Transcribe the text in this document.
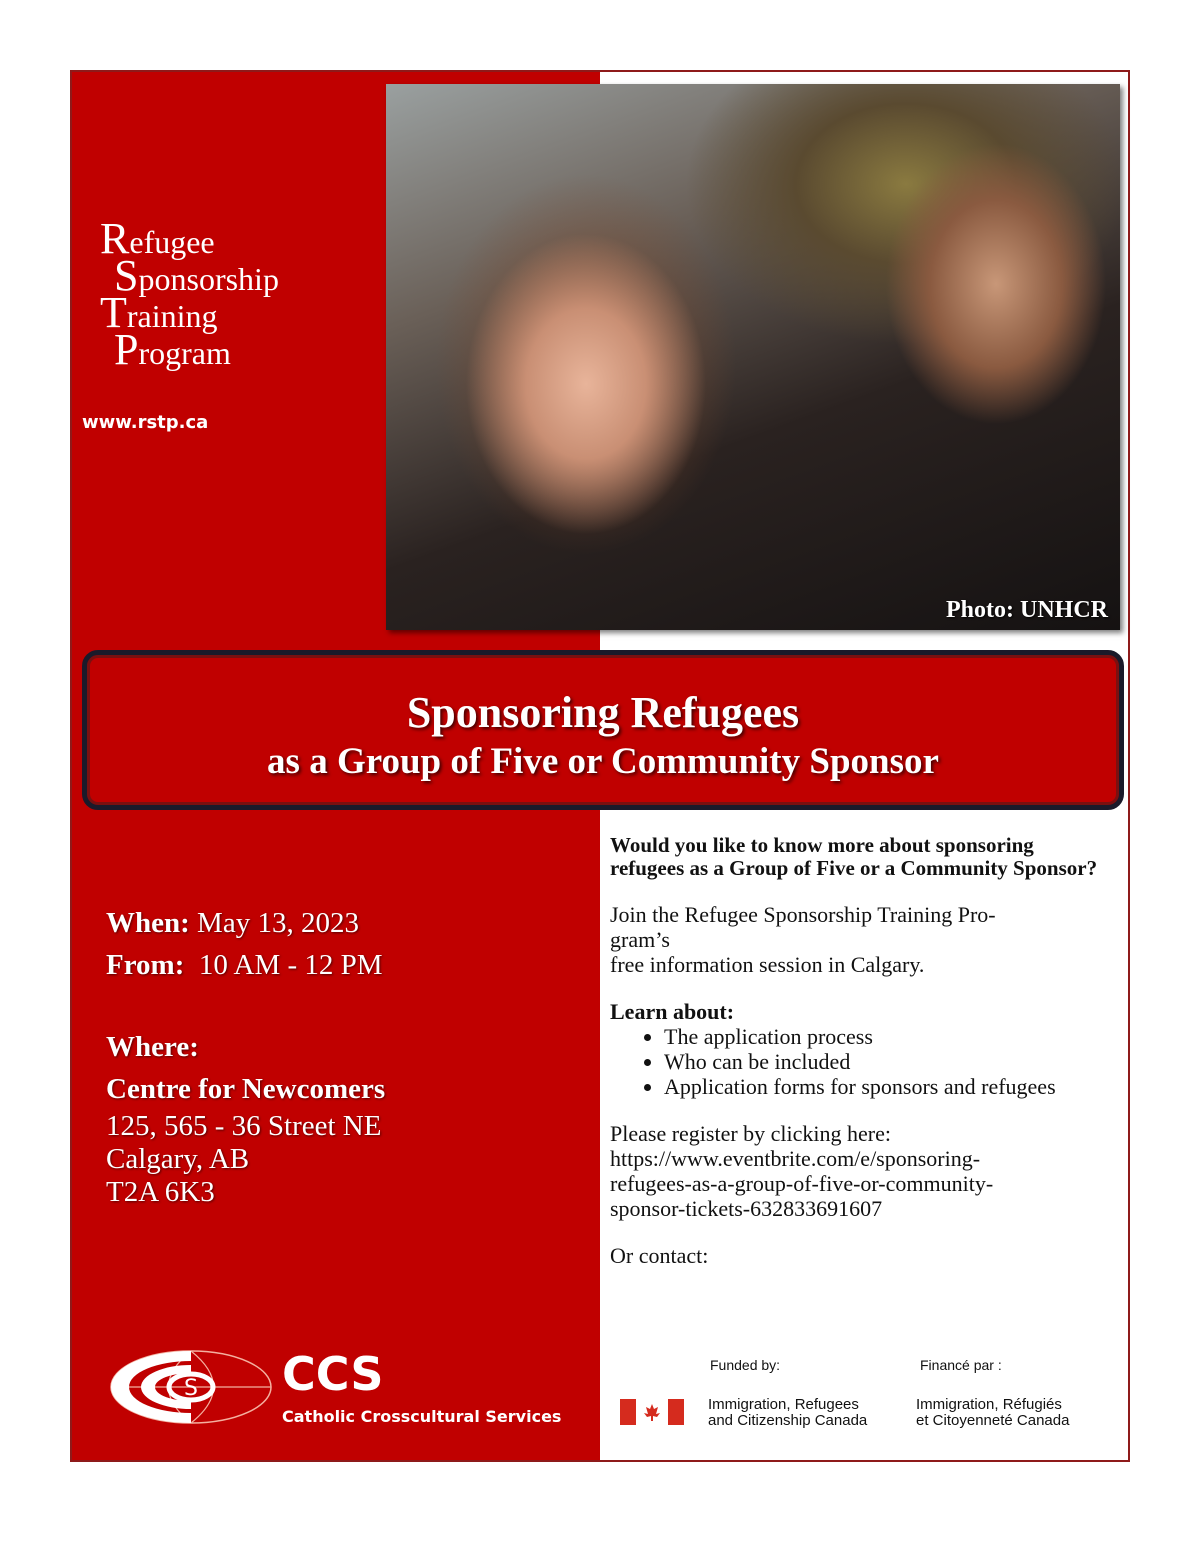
Refugee
Sponsorship
Training
Program
www.rstp.ca
Photo: UNHCR
Sponsoring Refugees
as a Group of Five or Community Sponsor
When: May 13, 2023
From: 10 AM - 12 PM
Where:
Centre for Newcomers
125, 565 - 36 Street NE
Calgary, AB
T2A 6K3
S CCS
Catholic Crosscultural Services
Would you like to know more about sponsoring refugees as a Group of Five or a Community Sponsor?
Join the Refugee Sponsorship Training Pro-
gram’s
free information session in Calgary.
Learn about:
• The application process
• Who can be included
• Application forms for sponsors and refugees
Please register by clicking here:
https://www.eventbrite.com/e/sponsoring-
refugees-as-a-group-of-five-or-community-
sponsor-tickets-632833691607
Or contact:
Funded by:	Financé par :
Immigration, Refugees
and Citizenship Canada
Immigration, Réfugiés
et Citoyenneté Canada
